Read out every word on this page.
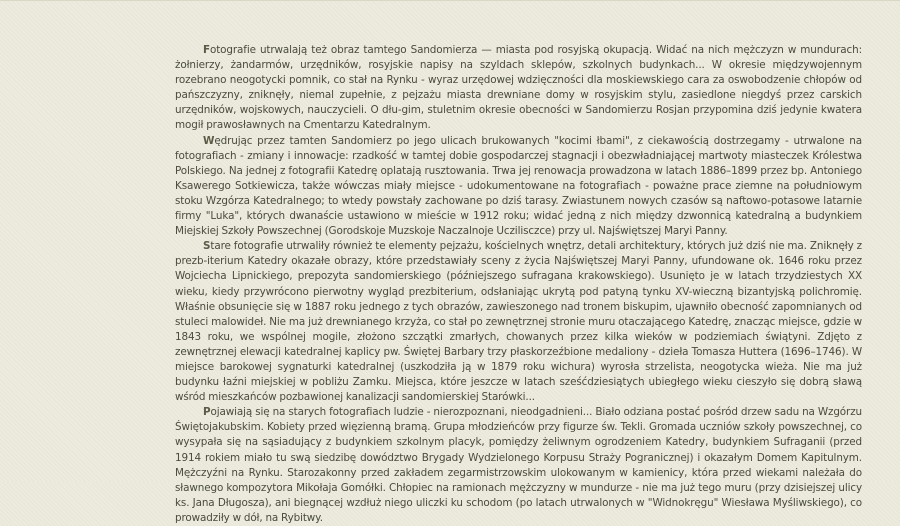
Fotografie utrwalają też obraz tamtego Sandomierza — miasta pod rosyjską okupacją. Widać na nich mężczyzn w mundurach: żołnierzy, żandarmów, urzędników, rosyjskie napisy na szyldach sklepów, szkolnych budynkach... W okresie międzywojennym rozebrano neogotycki pomnik, co stał na Rynku - wyraz urzędowej wdzięczności dla moskiewskiego cara za oswobodzenie chłopów od pańszczyzny, zniknęły, niemal zupełnie, z pejzażu miasta drewniane domy w rosyjskim stylu, zasiedlone niegdyś przez carskich urzędników, wojskowych, nauczycieli. O dłu-gim, stuletnim okresie obecności w Sandomierzu Rosjan przypomina dziś jedynie kwatera mogił prawosławnych na Cmentarzu Katedralnym.

Wędrując przez tamten Sandomierz po jego ulicach brukowanych "kocimi łbami", z ciekawością dostrzegamy - utrwalone na fotografiach - zmiany i innowacje: rzadkość w tamtej dobie gospodarczej stagnacji i obezwładniającej martwoty miasteczek Królestwa Polskiego. Na jednej z fotografii Katedrę oplatają rusztowania. Trwa jej renowacja prowadzona w latach 1886–1899 przez bp. Antoniego Ksawerego Sotkiewicza, także wówczas miały miejsce - udokumentowane na fotografiach - poważne prace ziemne na południowym stoku Wzgórza Katedralnego; to wtedy powstały zachowane po dziś tarasy. Zwiastunem nowych czasów są naftowo-potasowe latarnie firmy "Luka", których dwanaście ustawiono w mieście w 1912 roku; widać jedną z nich między dzwonnicą katedralną a budynkiem Miejskiej Szkoły Powszechnej (Gorodskoje Muzskoje Naczalnoje Uczilisczce) przy ul. Najświętszej Maryi Panny.

Stare fotografie utrwaliły również te elementy pejzażu, kościelnych wnętrz, detali architektury, których już dziś nie ma. Zniknęły z prezb-iterium Katedry okazałe obrazy, które przedstawiały sceny z życia Najświętszej Maryi Panny, ufundowane ok. 1646 roku przez Wojciecha Lipnickiego, prepozyta sandomierskiego (późniejszego sufragana krakowskiego). Usunięto je w latach trzydziestych XX wieku, kiedy przywrócono pierwotny wygląd prezbiterium, odsłaniając ukrytą pod patyną tynku XV-wieczną bizantyjską polichromię. Właśnie obsunięcie się w 1887 roku jednego z tych obrazów, zawieszonego nad tronem biskupim, ujawniło obecność zapomnianych od stuleci malowideł. Nie ma już drewnianego krzyża, co stał po zewnętrznej stronie muru otaczającego Katedrę, znacząc miejsce, gdzie w 1843 roku, we wspólnej mogile, złożono szczątki zmarłych, chowanych przez kilka wieków w podziemiach świątyni. Zdjęto z zewnętrznej elewacji katedralnej kaplicy pw. Świętej Barbary trzy płaskorzeźbione medaliony - dzieła Tomasza Huttera (1696–1746). W miejsce barokowej sygnaturki katedralnej (uszkodziła ją w 1879 roku wichura) wyrosła strzelista, neogotycka wieża. Nie ma już budynku łaźni miejskiej w pobliżu Zamku. Miejsca, które jeszcze w latach sześćdziesiątych ubiegłego wieku cieszyło się dobrą sławą wśród mieszkańców pozbawionej kanalizacji sandomierskiej Starówki...

Pojawiają się na starych fotografiach ludzie - nierozpoznani, nieodgadnieni... Biało odziana postać pośród drzew sadu na Wzgórzu Świętojakubskim. Kobiety przed więzienną bramą. Grupa młodzieńców przy figurze św. Tekli. Gromada uczniów szkoły powszechnej, co wysypała się na sąsiadujący z budynkiem szkolnym placyk, pomiędzy żeliwnym ogrodzeniem Katedry, budynkiem Sufraganii (przed 1914 rokiem miało tu swą siedzibę dowództwo Brygady Wydzielonego Korpusu Straży Pogranicznej) i okazałym Domem Kapitulnym. Mężczyźni na Rynku. Starozakonny przed zakładem zegarmistrzowskim ulokowanym w kamienicy, która przed wiekami należała do sławnego kompozytora Mikołaja Gomółki. Chłopiec na ramionach mężczyzny w mundurze - nie ma już tego muru (przy dzisiejszej ulicy ks. Jana Długosza), ani biegnącej wzdłuż niego uliczki ku schodom (po latach utrwalonych w "Widnokręgu" Wiesława Myśliwskiego), co prowadziły w dół, na Rybitwy.
